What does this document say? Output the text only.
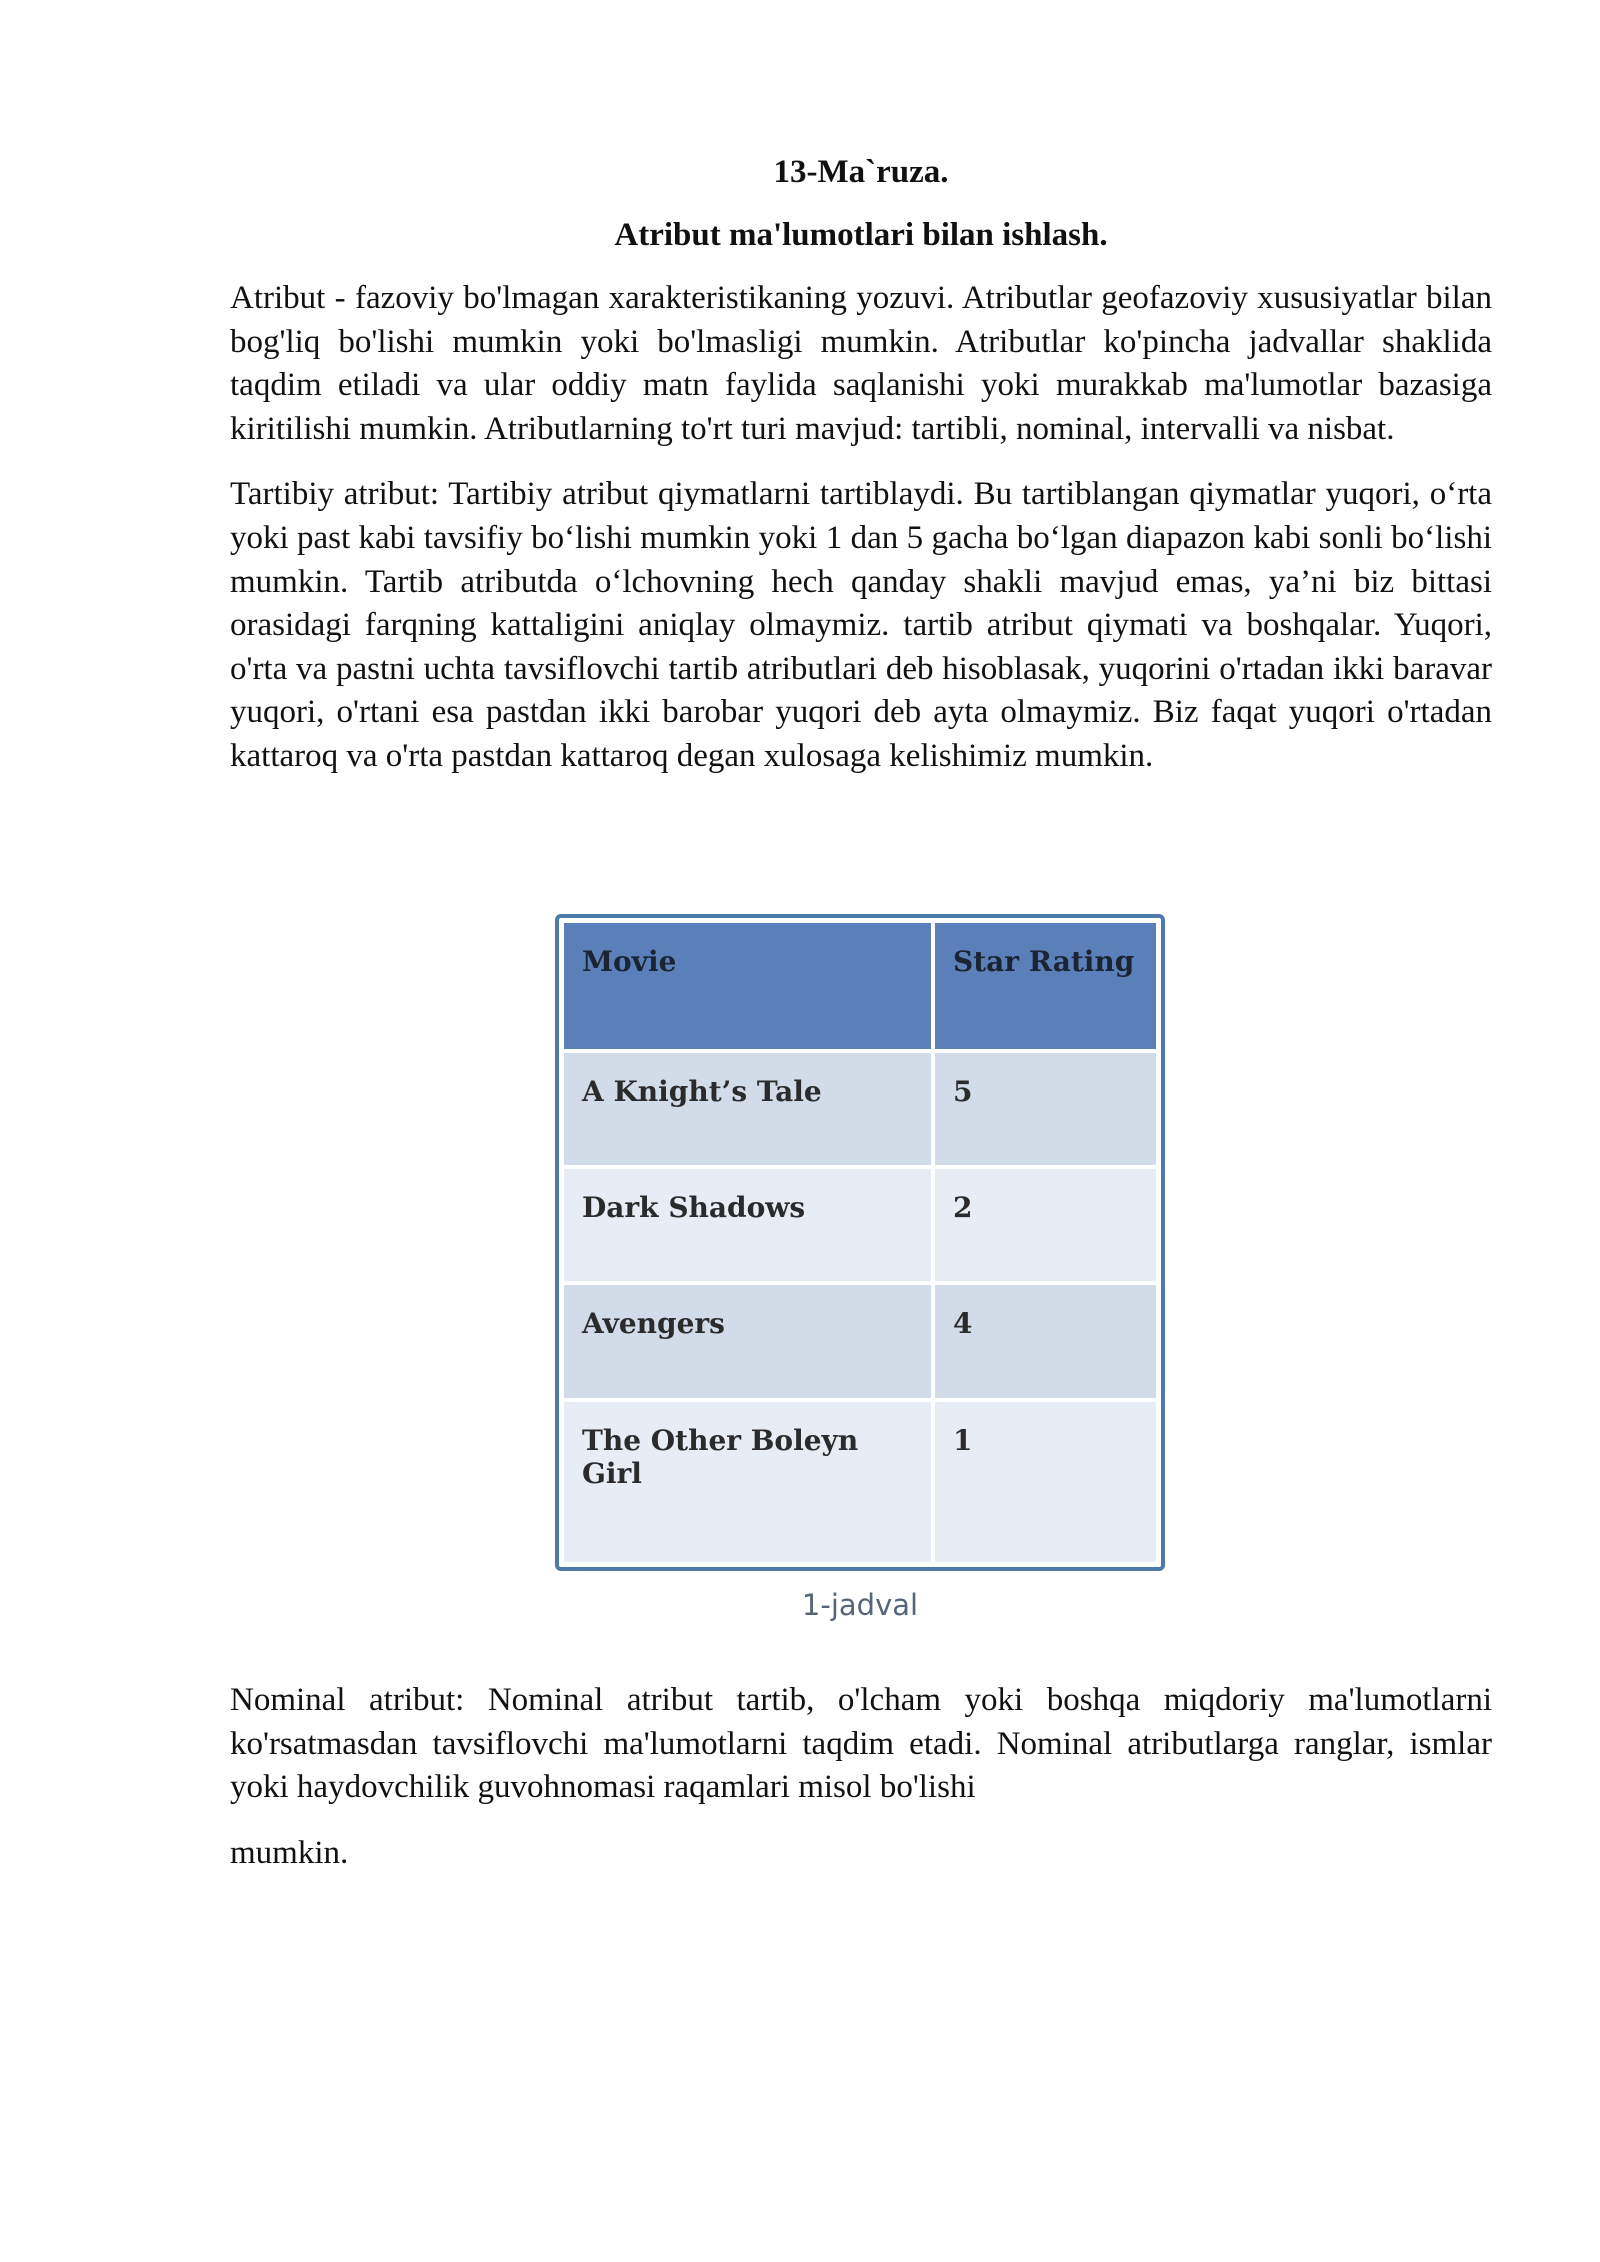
13-Ma`ruza.

Atribut ma'lumotlari bilan ishlash.

Atribut - fazoviy bo'lmagan xarakteristikaning yozuvi. Atributlar geofazoviy xususiyatlar bilan bog'liq bo'lishi mumkin yoki bo'lmasligi mumkin. Atributlar ko'pincha jadvallar shaklida taqdim etiladi va ular oddiy matn faylida saqlanishi yoki murakkab ma'lumotlar bazasiga kiritilishi mumkin. Atributlarning to'rt turi mavjud: tartibli, nominal, intervalli va nisbat.

Tartibiy atribut: Tartibiy atribut qiymatlarni tartiblaydi. Bu tartiblangan qiymatlar yuqori, o‘rta yoki past kabi tavsifiy bo‘lishi mumkin yoki 1 dan 5 gacha bo‘lgan diapazon kabi sonli bo‘lishi mumkin. Tartib atributda o‘lchovning hech qanday shakli mavjud emas, ya’ni biz bittasi orasidagi farqning kattaligini aniqlay olmaymiz. tartib atribut qiymati va boshqalar. Yuqori, o'rta va pastni uchta tavsiflovchi tartib atributlari deb hisoblasak, yuqorini o'rtadan ikki baravar yuqori, o'rtani esa pastdan ikki barobar yuqori deb ayta olmaymiz. Biz faqat yuqori o'rtadan kattaroq va o'rta pastdan kattaroq degan xulosaga kelishimiz mumkin.

Movie	Star Rating
A Knight’s Tale	5
Dark Shadows	2
Avengers	4
The Other Boleyn Girl	1
1-jadval

Nominal atribut: Nominal atribut tartib, o'lcham yoki boshqa miqdoriy ma'lumotlarni ko'rsatmasdan tavsiflovchi ma'lumotlarni taqdim etadi. Nominal atributlarga ranglar, ismlar yoki haydovchilik guvohnomasi raqamlari misol bo'lishi

mumkin.
